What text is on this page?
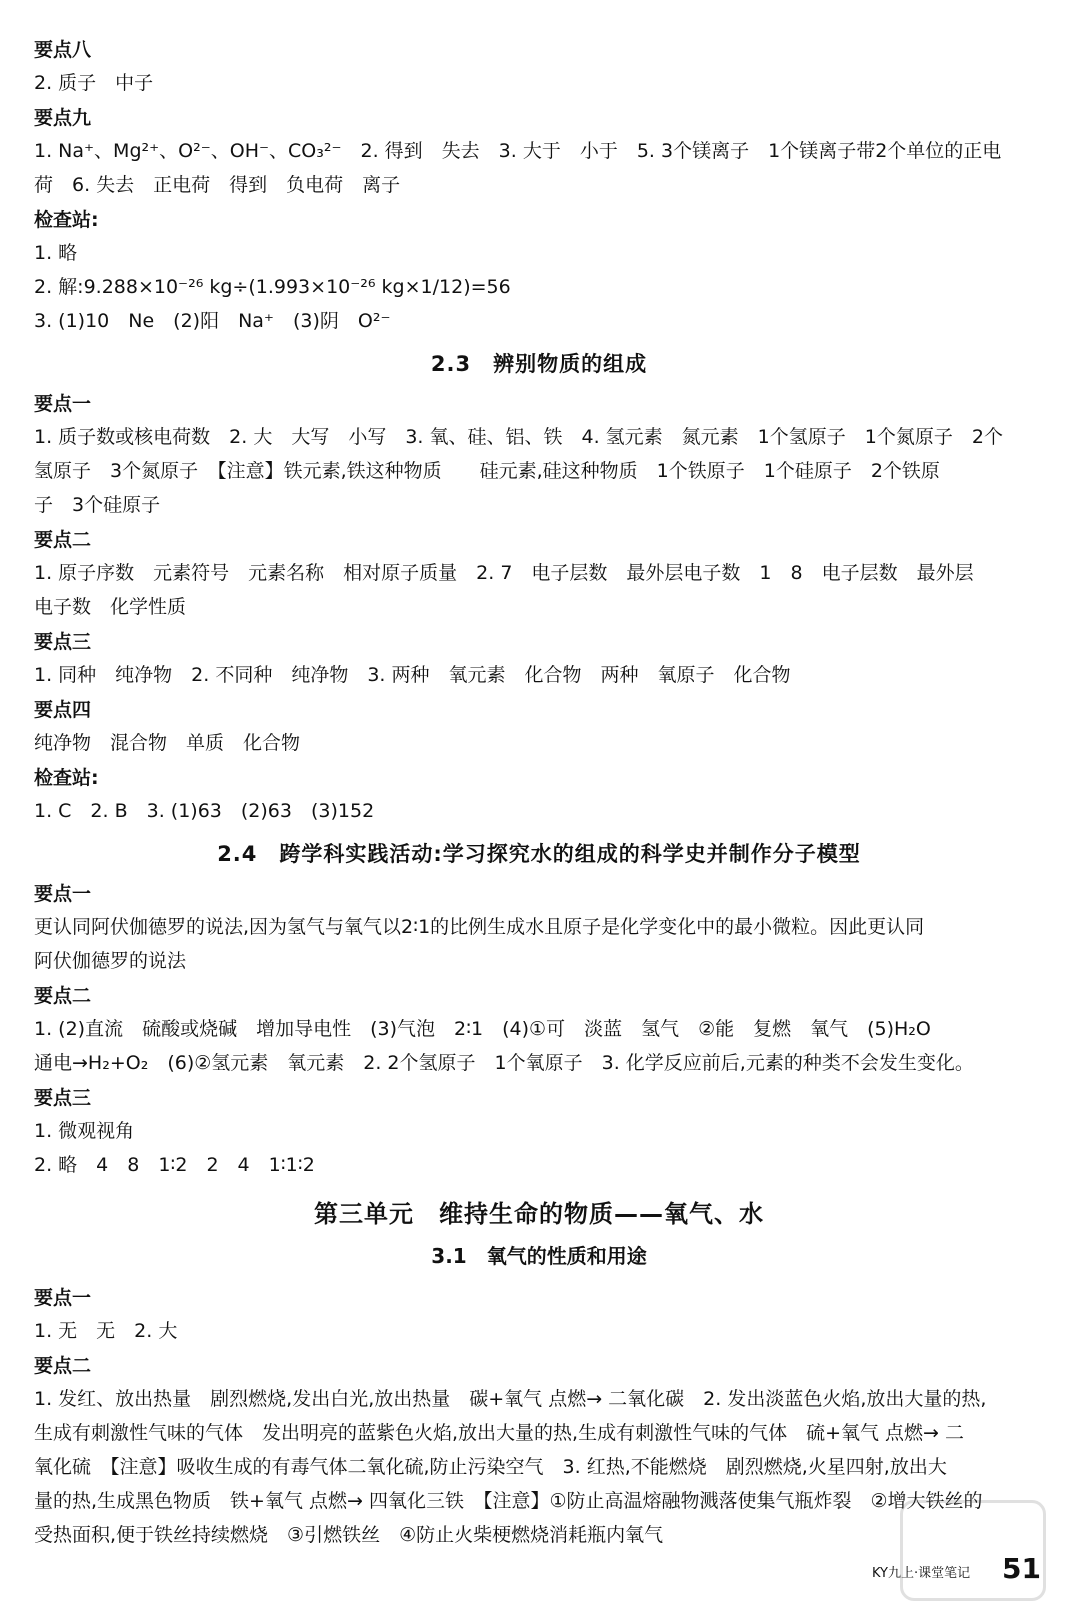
要点八
2. 质子　中子
要点九
1. Na⁺、Mg²⁺、O²⁻、OH⁻、CO₃²⁻　2. 得到　失去　3. 大于　小于　5. 3个镁离子　1个镁离子带2个单位的正电
荷　6. 失去　正电荷　得到　负电荷　离子
检查站:
1. 略
2. 解:9.288×10⁻²⁶ kg÷(1.993×10⁻²⁶ kg×1/12)=56
3. (1)10　Ne　(2)阳　Na⁺　(3)阴　O²⁻
2.3　辨别物质的组成
要点一
1. 质子数或核电荷数　2. 大　大写　小写　3. 氧、硅、铝、铁　4. 氢元素　氮元素　1个氢原子　1个氮原子　2个
氢原子　3个氮原子　【注意】铁元素,铁这种物质　　硅元素,硅这种物质　1个铁原子　1个硅原子　2个铁原
子　3个硅原子
要点二
1. 原子序数　元素符号　元素名称　相对原子质量　2. 7　电子层数　最外层电子数　1　8　电子层数　最外层
电子数　化学性质
要点三
1. 同种　纯净物　2. 不同种　纯净物　3. 两种　氧元素　化合物　两种　氧原子　化合物
要点四
纯净物　混合物　单质　化合物
检查站:
1. C　2. B　3. (1)63　(2)63　(3)152
2.4　跨学科实践活动:学习探究水的组成的科学史并制作分子模型
要点一
更认同阿伏伽德罗的说法,因为氢气与氧气以2∶1的比例生成水且原子是化学变化中的最小微粒。因此更认同
阿伏伽德罗的说法
要点二
1. (2)直流　硫酸或烧碱　增加导电性　(3)气泡　2∶1　(4)①可　淡蓝　氢气　②能　复燃　氧气　(5)H₂O
通电→H₂+O₂　(6)②氢元素　氧元素　2. 2个氢原子　1个氧原子　3. 化学反应前后,元素的种类不会发生变化。
要点三
1. 微观视角
2. 略　4　8　1∶2　2　4　1∶1∶2
第三单元　维持生命的物质——氧气、水
3.1　氧气的性质和用途
要点一
1. 无　无　2. 大
要点二
1. 发红、放出热量　剧烈燃烧,发出白光,放出热量　碳+氧气 点燃→ 二氧化碳　2. 发出淡蓝色火焰,放出大量的热,
生成有刺激性气味的气体　发出明亮的蓝紫色火焰,放出大量的热,生成有刺激性气味的气体　硫+氧气 点燃→ 二
氧化硫　【注意】吸收生成的有毒气体二氧化硫,防止污染空气　3. 红热,不能燃烧　剧烈燃烧,火星四射,放出大
量的热,生成黑色物质　铁+氧气 点燃→ 四氧化三铁　【注意】①防止高温熔融物溅落使集气瓶炸裂　②增大铁丝的
受热面积,便于铁丝持续燃烧　③引燃铁丝　④防止火柴梗燃烧消耗瓶内氧气
KY九上·课堂笔记 51
